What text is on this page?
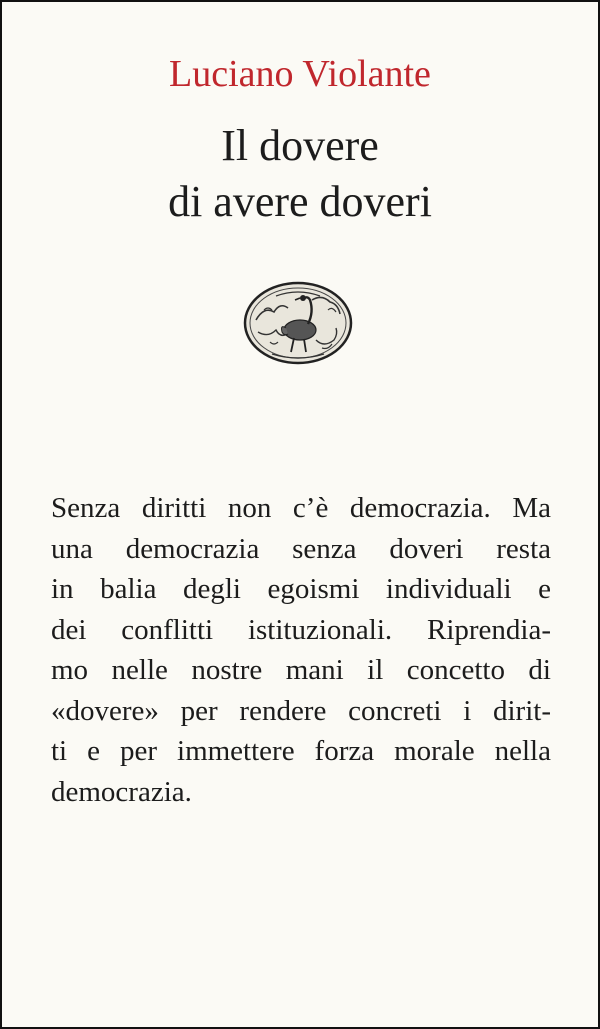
Luciano Violante
Il dovere
di avere doveri
Senza diritti non c’è democrazia. Ma
una democrazia senza doveri resta
in balia degli egoismi individuali e
dei conflitti istituzionali. Riprendia-
mo nelle nostre mani il concetto di
«dovere» per rendere concreti i dirit-
ti e per immettere forza morale nella
democrazia.
